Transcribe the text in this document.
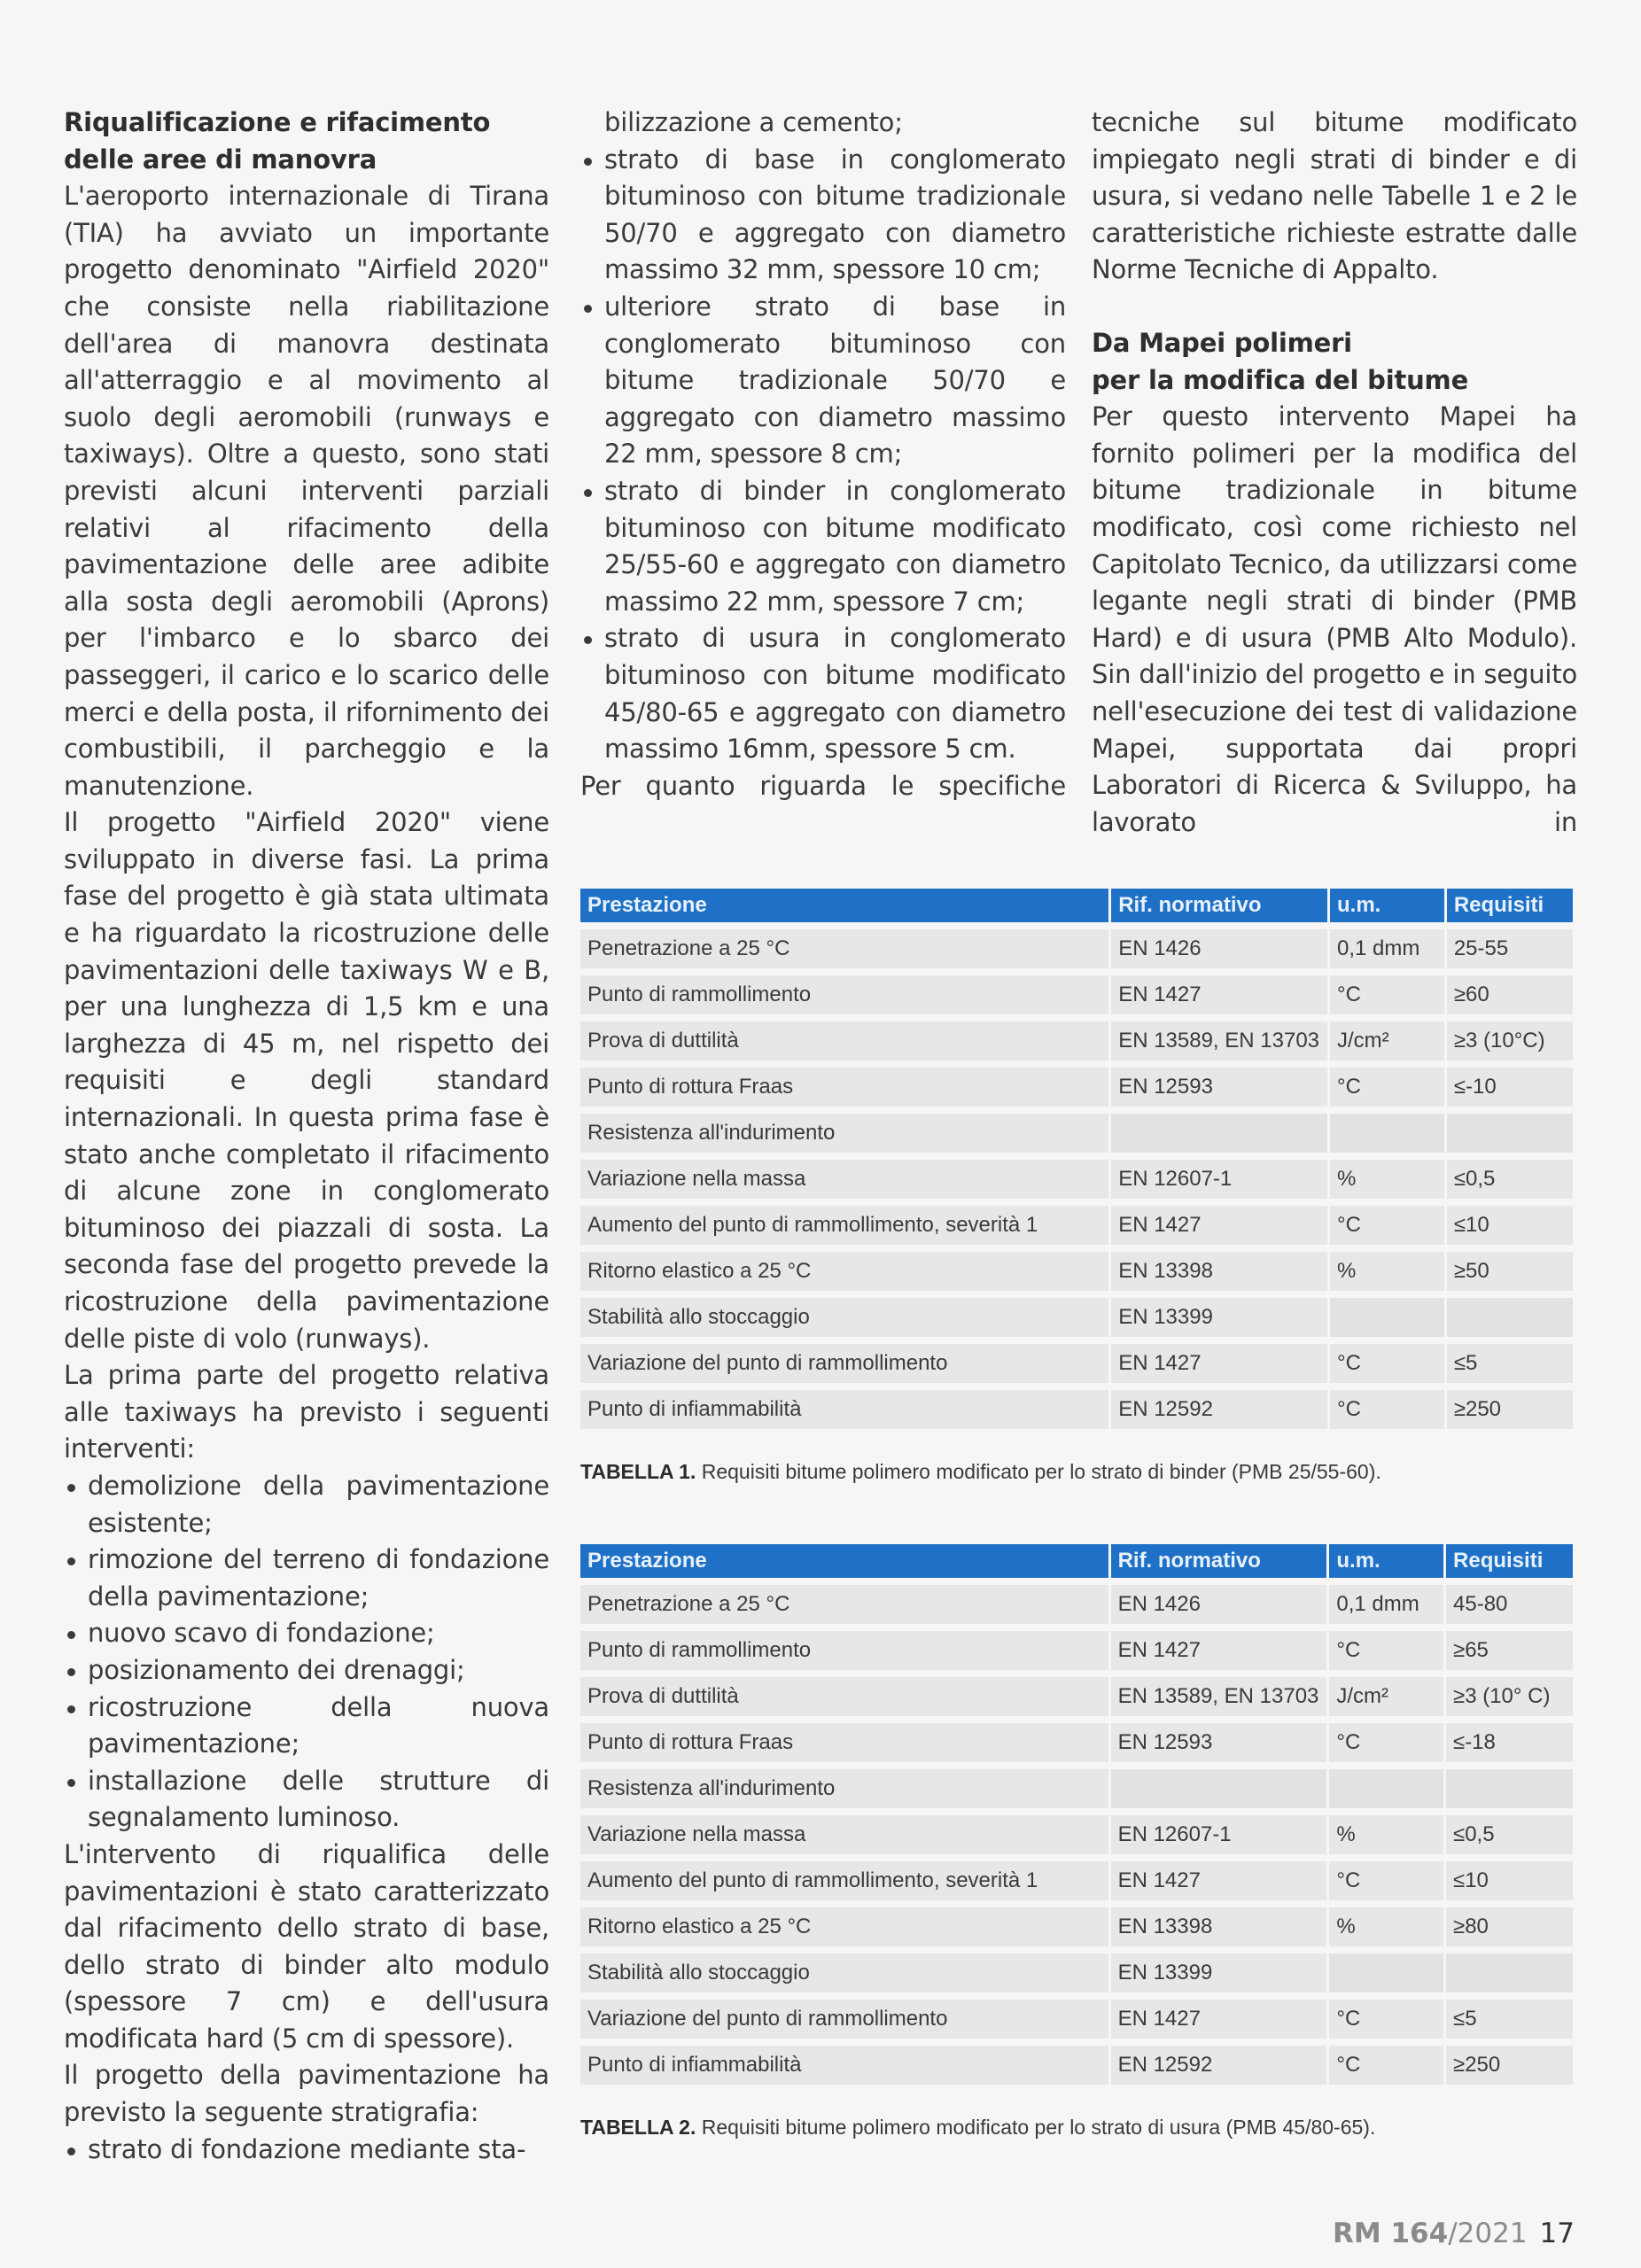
Riqualificazione e rifacimento

delle aree di manovra

L'aeroporto internazionale di Tirana (TIA) ha avviato un importante progetto denominato "Airfield 2020" che consiste nella riabilitazione dell'area di manovra destinata all'atterraggio e al movimento al suolo degli aeromobili (runways e taxiways). Oltre a questo, sono stati previsti alcuni interventi parziali relativi al rifacimento della pavimentazione delle aree adibite alla sosta degli aeromobili (Aprons) per l'imbarco e lo sbarco dei passeggeri, il carico e lo scarico delle merci e della posta, il rifornimento dei combustibili, il parcheggio e la manutenzione.

Il progetto "Airfield 2020" viene sviluppato in diverse fasi. La prima fase del progetto è già stata ultimata e ha riguardato la ricostruzione delle pavimentazioni delle taxiways W e B, per una lunghezza di 1,5 km e una larghezza di 45 m, nel rispetto dei requisiti e degli standard internazionali. In questa prima fase è stato anche completato il rifacimento di alcune zone in conglomerato bituminoso dei piazzali di sosta. La seconda fase del progetto prevede la ricostruzione della pavimentazione delle piste di volo (runways).

La prima parte del progetto relativa alle taxiways ha previsto i seguenti interventi:

demolizione della pavimentazione esistente;
rimozione del terreno di fondazione della pavimentazione;
nuovo scavo di fondazione;
posizionamento dei drenaggi;
ricostruzione della nuova pavimentazione;
installazione delle strutture di segnalamento luminoso.

L'intervento di riqualifica delle pavimentazioni è stato caratterizzato dal rifacimento dello strato di base, dello strato di binder alto modulo (spessore 7 cm) e dell'usura modificata hard (5 cm di spessore).

Il progetto della pavimentazione ha previsto la seguente stratigrafia:

strato di fondazione mediante sta-

bilizzazione a cemento;

strato di base in conglomerato bituminoso con bitume tradizionale 50/70 e aggregato con diametro massimo 32 mm, spessore 10 cm;
ulteriore strato di base in conglomerato bituminoso con bitume tradizionale 50/70 e aggregato con diametro massimo 22 mm, spessore 8 cm;
strato di binder in conglomerato bituminoso con bitume modificato 25/55-60 e aggregato con diametro massimo 22 mm, spessore 7 cm;
strato di usura in conglomerato bituminoso con bitume modificato 45/80-65 e aggregato con diametro massimo 16mm, spessore 5 cm.

Per quanto riguarda le specifiche

tecniche sul bitume modificato impiegato negli strati di binder e di usura, si vedano nelle Tabelle 1 e 2 le caratteristiche richieste estratte dalle Norme Tecniche di Appalto.

Da Mapei polimeri

per la modifica del bitume

Per questo intervento Mapei ha fornito polimeri per la modifica del bitume tradizionale in bitume modificato, così come richiesto nel Capitolato Tecnico, da utilizzarsi come legante negli strati di binder (PMB Hard) e di usura (PMB Alto Modulo). Sin dall'inizio del progetto e in seguito nell'esecuzione dei test di validazione Mapei, supportata dai propri Laboratori di Ricerca & Sviluppo, ha lavorato in

Prestazione	Rif. normativo	u.m.	Requisiti
Penetrazione a 25 °C	EN 1426	0,1 dmm	25-55
Punto di rammollimento	EN 1427	°C	≥60
Prova di duttilità	EN 13589, EN 13703	J/cm²	≥3 (10°C)
Punto di rottura Fraas	EN 12593	°C	≤-10
Resistenza all'indurimento			
Variazione nella massa	EN 12607-1	%	≤0,5
Aumento del punto di rammollimento, severità 1	EN 1427	°C	≤10
Ritorno elastico a 25 °C	EN 13398	%	≥50
Stabilità allo stoccaggio	EN 13399		
Variazione del punto di rammollimento	EN 1427	°C	≤5
Punto di infiammabilità	EN 12592	°C	≥250
TABELLA 1. Requisiti bitume polimero modificato per lo strato di binder (PMB 25/55-60).
Prestazione	Rif. normativo	u.m.	Requisiti
Penetrazione a 25 °C	EN 1426	0,1 dmm	45-80
Punto di rammollimento	EN 1427	°C	≥65
Prova di duttilità	EN 13589, EN 13703	J/cm²	≥3 (10° C)
Punto di rottura Fraas	EN 12593	°C	≤-18
Resistenza all'indurimento			
Variazione nella massa	EN 12607-1	%	≤0,5
Aumento del punto di rammollimento, severità 1	EN 1427	°C	≤10
Ritorno elastico a 25 °C	EN 13398	%	≥80
Stabilità allo stoccaggio	EN 13399		
Variazione del punto di rammollimento	EN 1427	°C	≤5
Punto di infiammabilità	EN 12592	°C	≥250
TABELLA 2. Requisiti bitume polimero modificato per lo strato di usura (PMB 45/80-65).
RM 164/2021 17
